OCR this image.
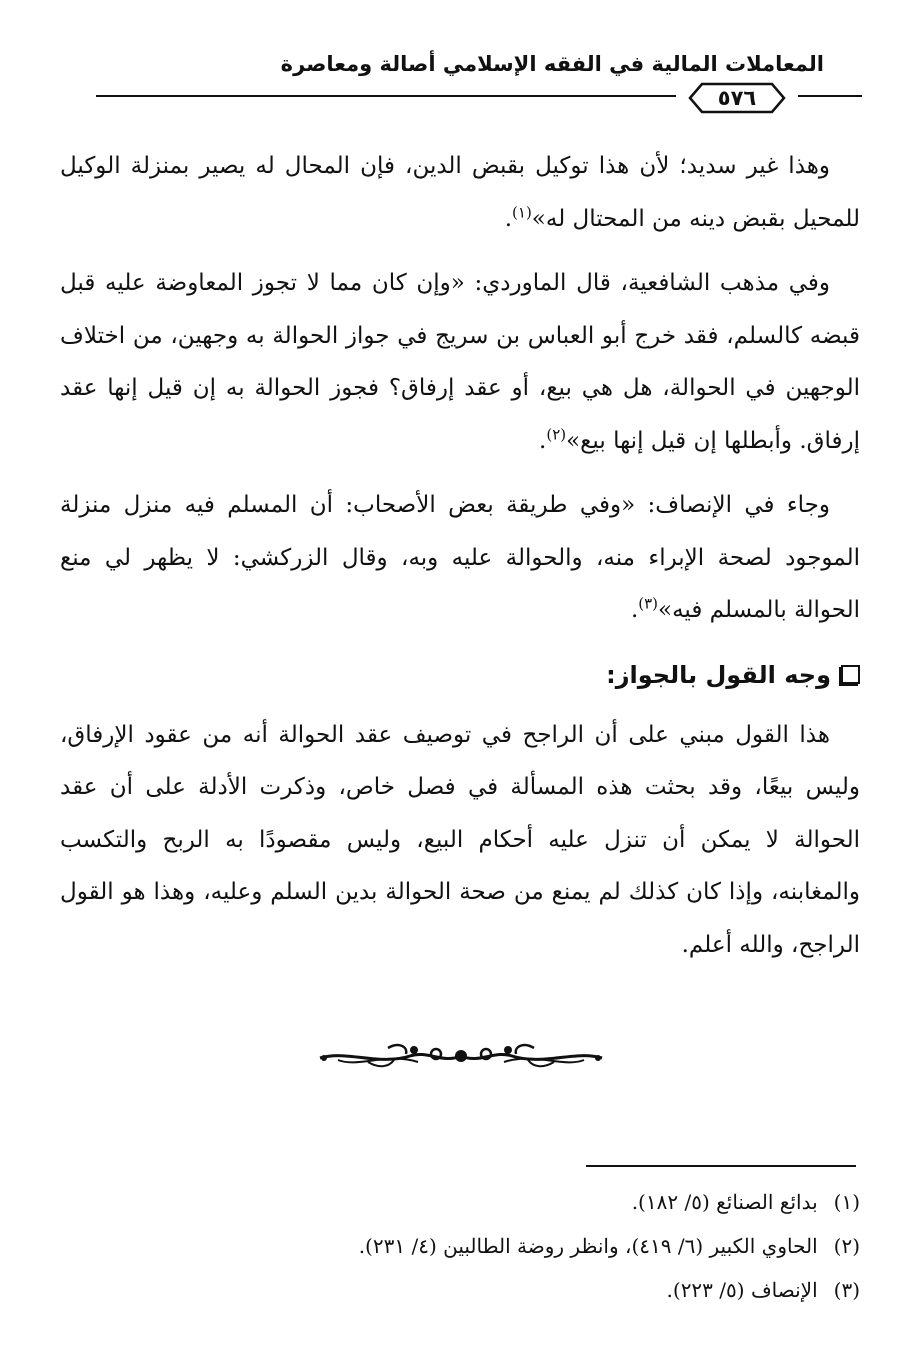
المعاملات المالية في الفقه الإسلامي أصالة ومعاصرة
٥٧٦

وهذا غير سديد؛ لأن هذا توكيل بقبض الدين، فإن المحال له يصير بمنزلة الوكيل للمحيل بقبض دينه من المحتال له»$^{(١)}$.

وفي مذهب الشافعية، قال الماوردي: «وإن كان مما لا تجوز المعاوضة عليه قبل قبضه كالسلم، فقد خرج أبو العباس بن سريج في جواز الحوالة به وجهين، من اختلاف الوجهين في الحوالة، هل هي بيع، أو عقد إرفاق؟ فجوز الحوالة به إن قيل إنها عقد إرفاق. وأبطلها إن قيل إنها بيع»$^{(٢)}$.

وجاء في الإنصاف: «وفي طريقة بعض الأصحاب: أن المسلم فيه منزل منزلة الموجود لصحة الإبراء منه، والحوالة عليه وبه، وقال الزركشي: لا يظهر لي منع الحوالة بالمسلم فيه»$^{(٣)}$.

وجه القول بالجواز:

هذا القول مبني على أن الراجح في توصيف عقد الحوالة أنه من عقود الإرفاق، وليس بيعًا، وقد بحثت هذه المسألة في فصل خاص، وذكرت الأدلة على أن عقد الحوالة لا يمكن أن تنزل عليه أحكام البيع، وليس مقصودًا به الربح والتكسب والمغابنه، وإذا كان كذلك لم يمنع من صحة الحوالة بدين السلم وعليه، وهذا هو القول الراجح، والله أعلم.

(١) بدائع الصنائع (٥/ ١٨٢).
(٢) الحاوي الكبير (٦/ ٤١٩)، وانظر روضة الطالبين (٤/ ٢٣١).
(٣) الإنصاف (٥/ ٢٢٣).
